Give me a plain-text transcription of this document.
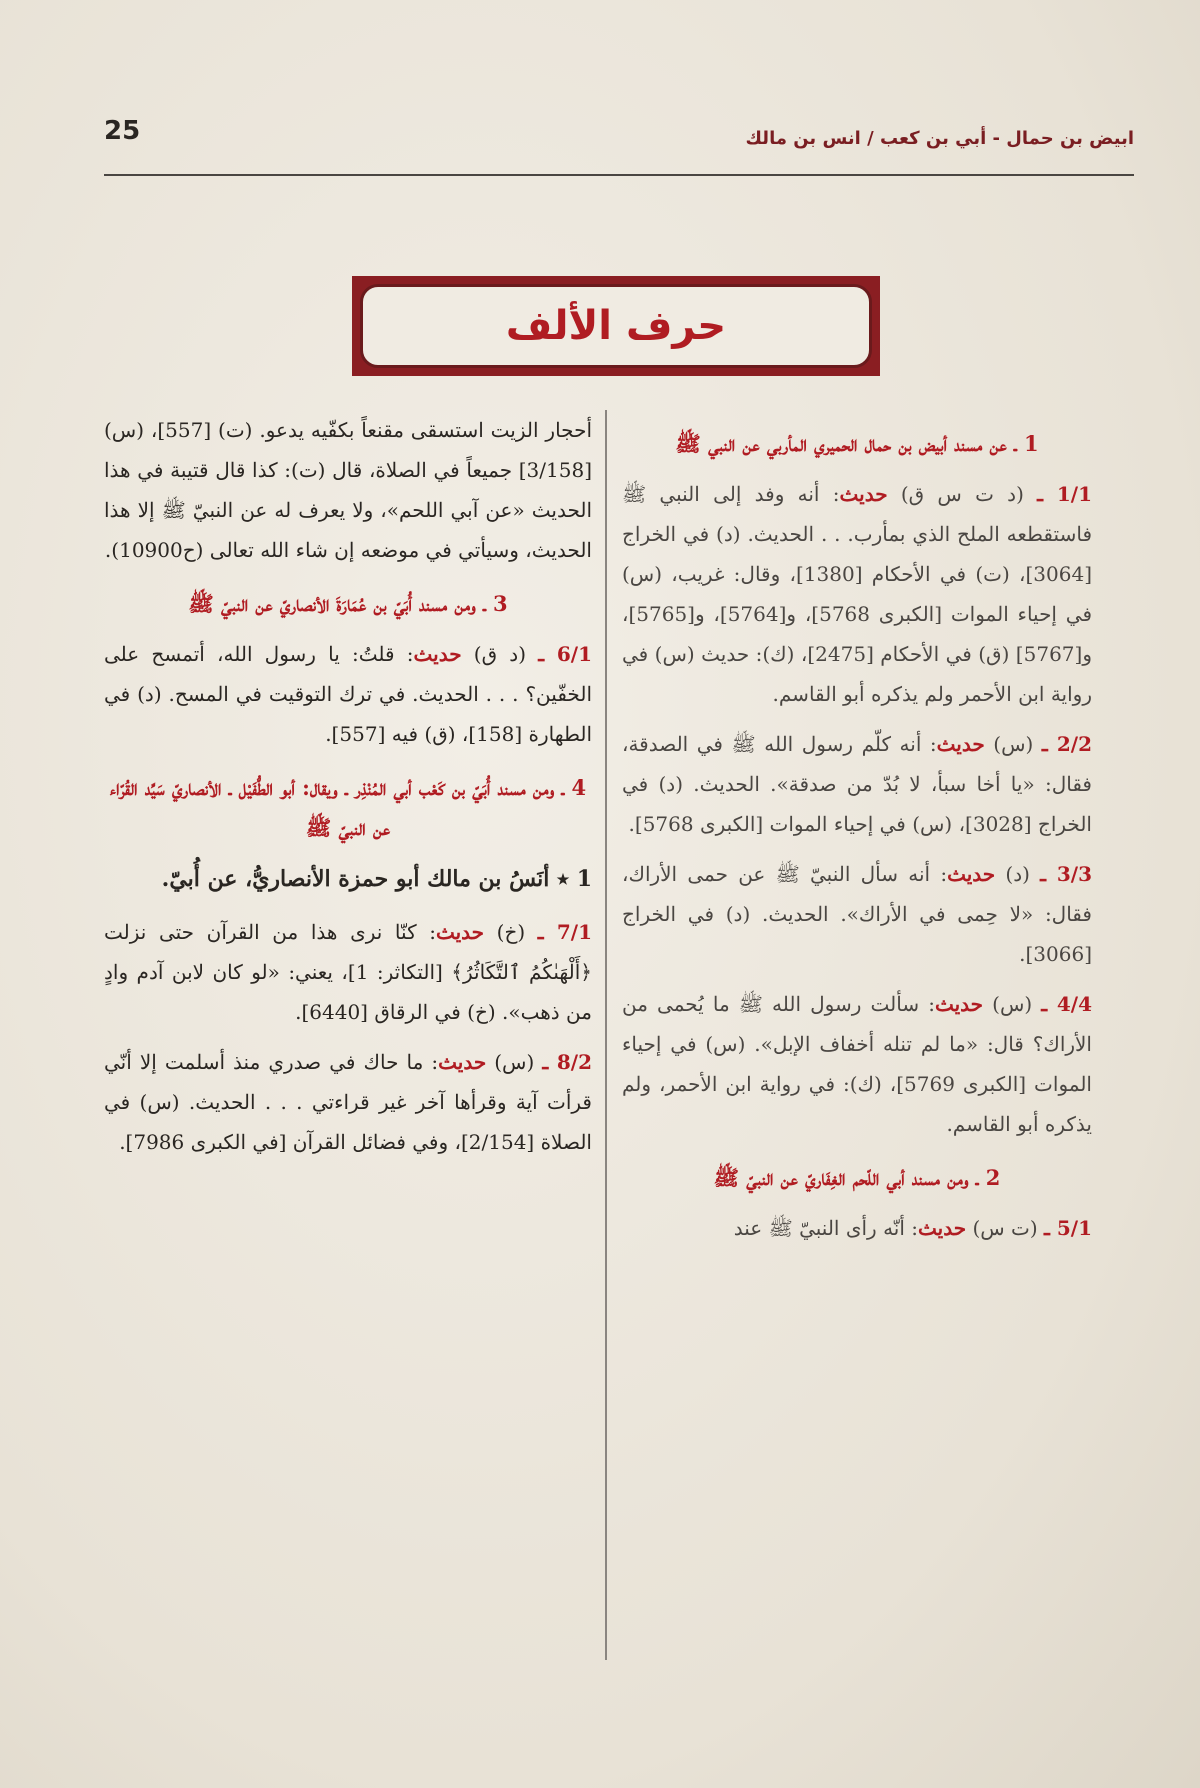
25	ابيض بن حمال - أبي بن كعب / انس بن مالك
حرف الألف
1 ـ عن مسند أبيض بن حمال الحميري المأربي عن النبي ﷺ

1/1 ـ (د ت س ق) حديث: أنه وفد إلى النبي ﷺ فاستقطعه الملح الذي بمأرب. . . الحديث. (د) في الخراج [3064]، (ت) في الأحكام [1380]، وقال: غريب، (س) في إحياء الموات [الكبرى 5768]، و[5764]، و[5765]، و[5767] (ق) في الأحكام [2475]، (ك): حديث (س) في رواية ابن الأحمر ولم يذكره أبو القاسم.

2/2 ـ (س) حديث: أنه كلّم رسول الله ﷺ في الصدقة، فقال: «يا أخا سبأ، لا بُدّ من صدقة». الحديث. (د) في الخراج [3028]، (س) في إحياء الموات [الكبرى 5768].

3/3 ـ (د) حديث: أنه سأل النبيّ ﷺ عن حمى الأراك، فقال: «لا حِمى في الأراك». الحديث. (د) في الخراج [3066].

4/4 ـ (س) حديث: سألت رسول الله ﷺ ما يُحمى من الأراك؟ قال: «ما لم تنله أخفاف الإبل». (س) في إحياء الموات [الكبرى 5769]، (ك): في رواية ابن الأحمر، ولم يذكره أبو القاسم.

2 ـ ومن مسند أبي اللّحم الغِفَاريّ عن النبيّ ﷺ

5/1 ـ (ت س) حديث: أنّه رأى النبيّ ﷺ عند

أحجار الزيت استسقى مقنعاً بكفّيه يدعو. (ت) [557]، (س) [3/158] جميعاً في الصلاة، قال (ت): كذا قال قتيبة في هذا الحديث «عن آبي اللحم»، ولا يعرف له عن النبيّ ﷺ إلا هذا الحديث، وسيأتي في موضعه إن شاء الله تعالى (ح10900).

3 ـ ومن مسند أُبَيّ بن عُمَارَةَ الأنصاريّ عن النبيّ ﷺ

6/1 ـ (د ق) حديث: قلتُ: يا رسول الله، أتمسح على الخفّين؟ . . . الحديث. في ترك التوقيت في المسح. (د) في الطهارة [158]، (ق) فيه [557].

4 ـ ومن مسند أُبَيّ بن كَعْب أبي المُنْذِر ـ ويقال: أبو الطُّفَيْل ـ الأنصاريّ سَيِّد القُرّاء عن النبيّ ﷺ
1 ٭ أنَسُ بن مالك أبو حمزة الأنصاريُّ، عن أُبيّ.

7/1 ـ (خ) حديث: كنّا نرى هذا من القرآن حتى نزلت ﴿أَلْهَىٰكُمُ ٱلتَّكَاثُرُ﴾ [التكاثر: 1]، يعني: «لو كان لابن آدم وادٍ من ذهب». (خ) في الرقاق [6440].

8/2 ـ (س) حديث: ما حاك في صدري منذ أسلمت إلا أنّي قرأت آية وقرأها آخر غير قراءتي . . . الحديث. (س) في الصلاة [2/154]، وفي فضائل القرآن [في الكبرى 7986].
